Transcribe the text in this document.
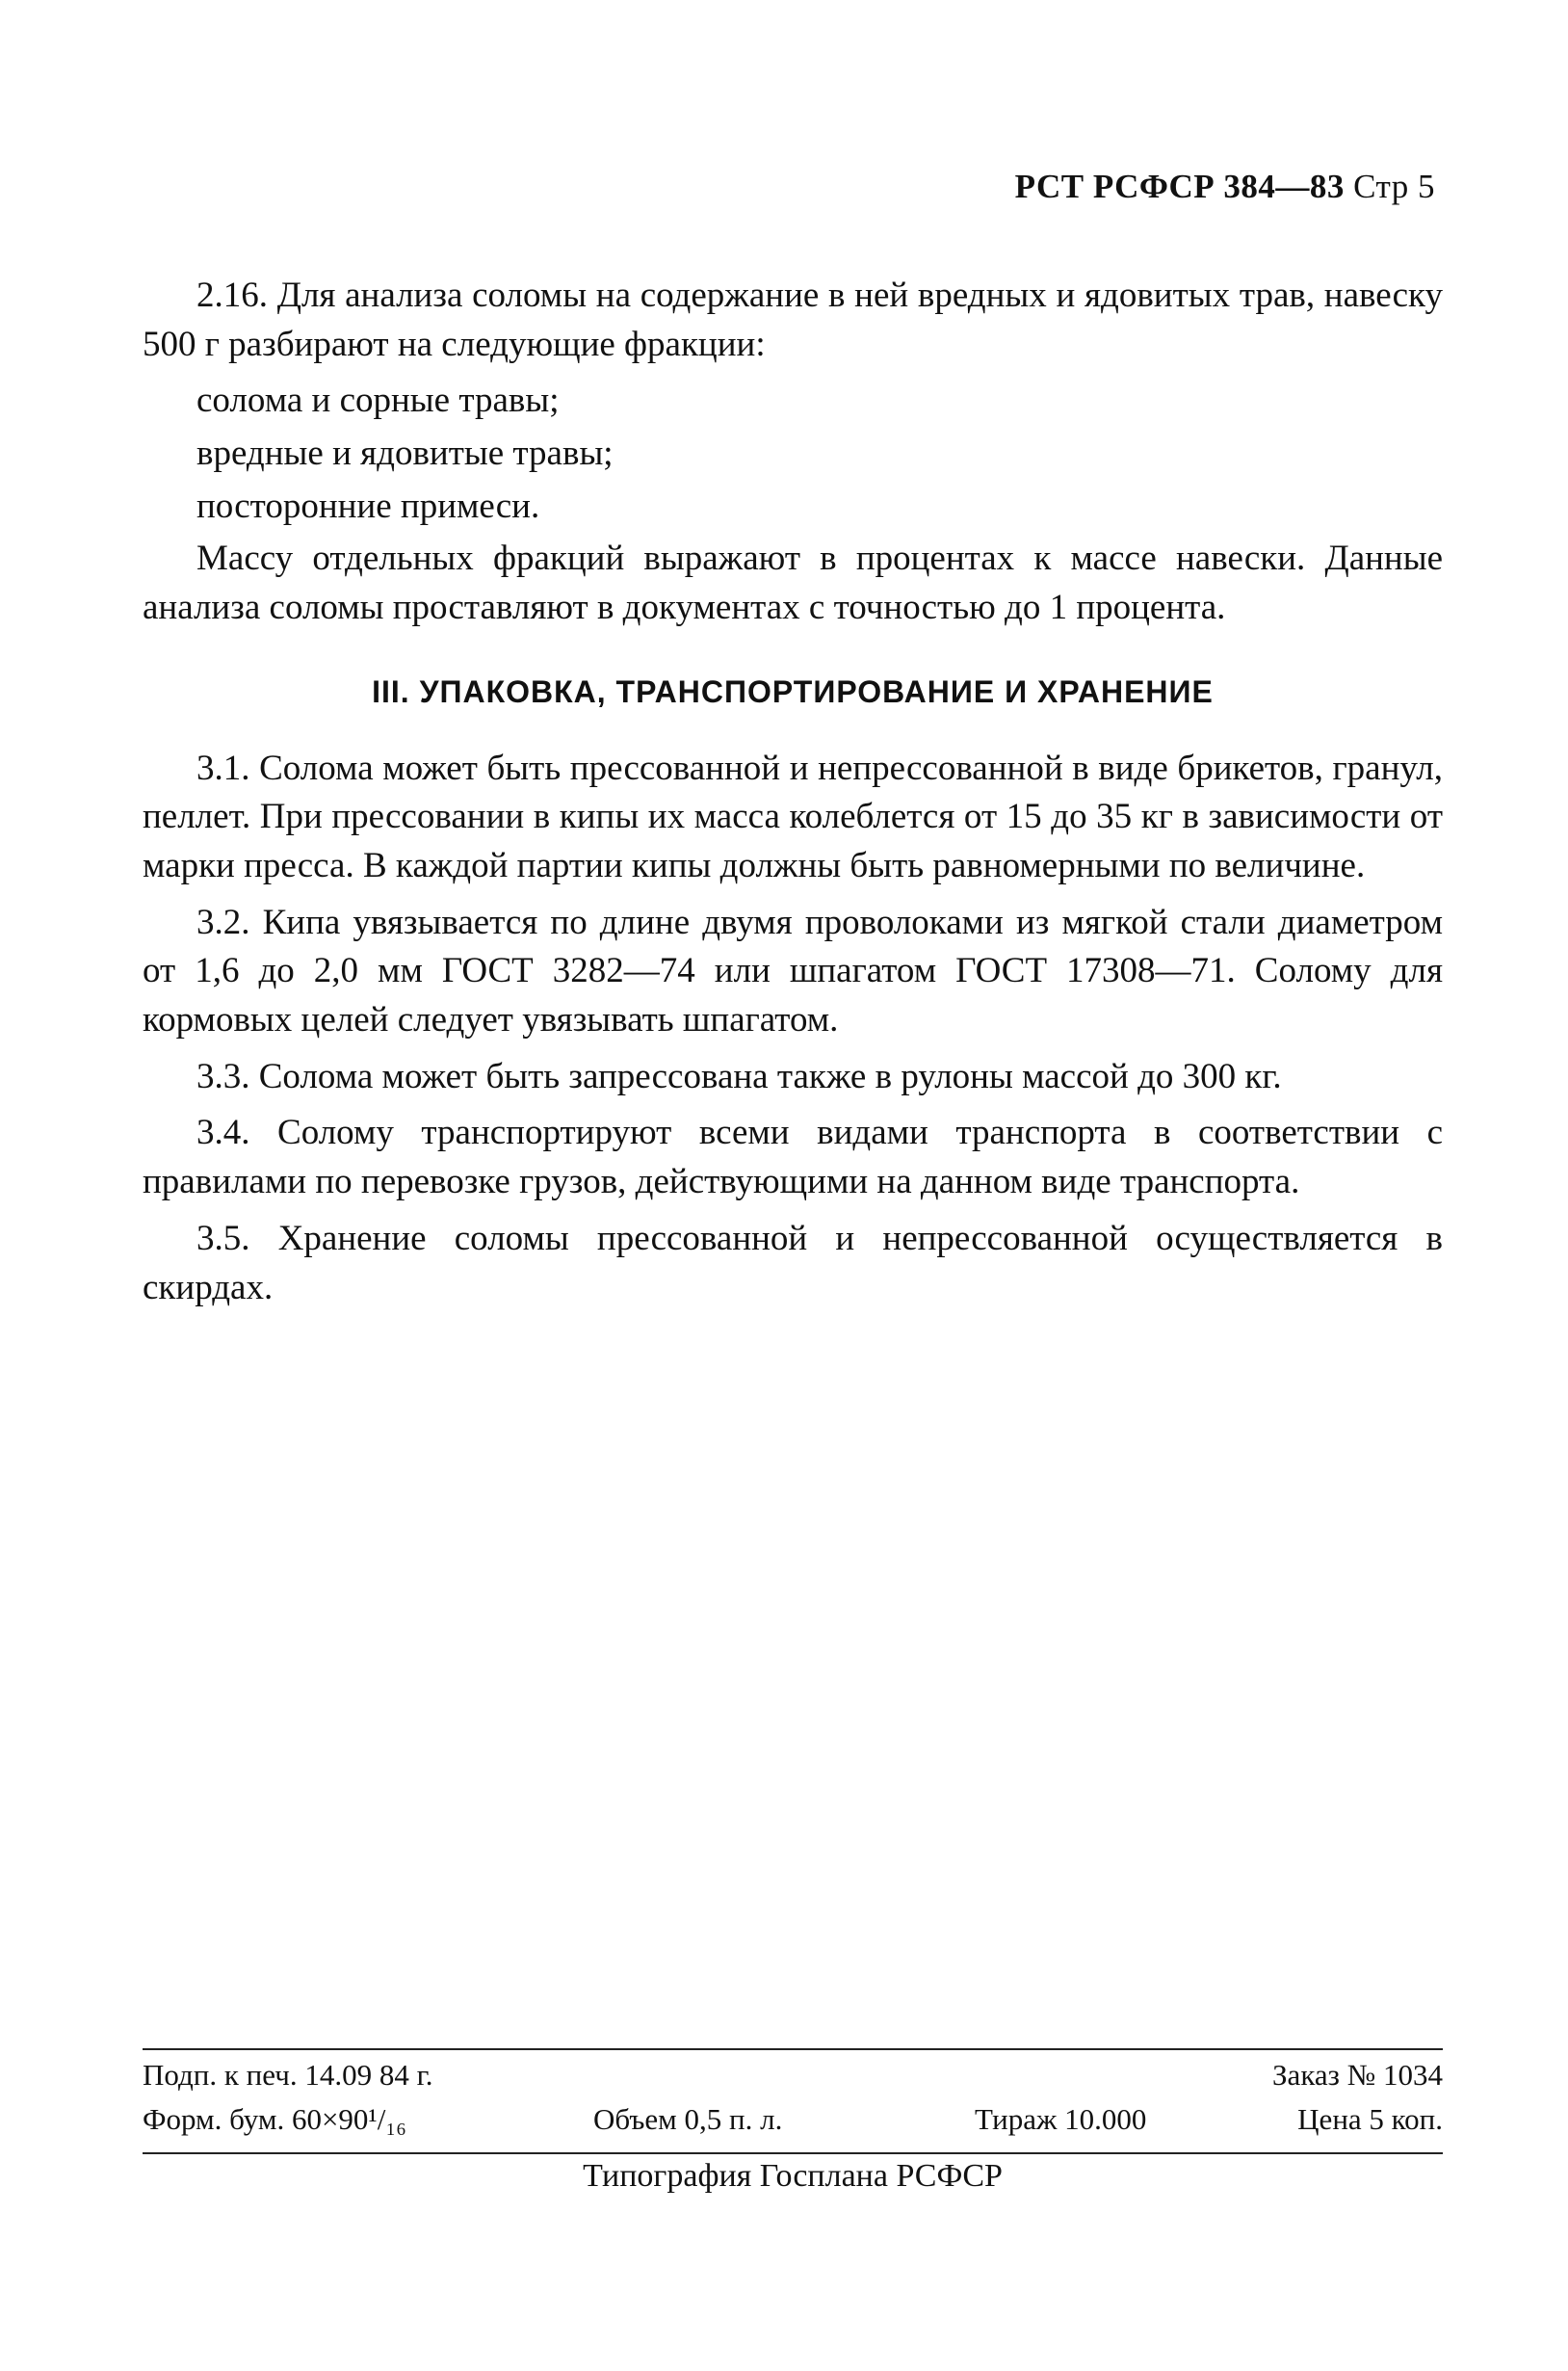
РСТ РСФСР 384—83 Стр 5

2.16. Для анализа соломы на содержание в ней вредных и ядовитых трав, навеску 500 г разбирают на следующие фракции:

солома и сорные травы;

вредные и ядовитые травы;

посторонние примеси.

Массу отдельных фракций выражают в процентах к массе навески. Данные анализа соломы проставляют в документах с точностью до 1 процента.

III. УПАКОВКА, ТРАНСПОРТИРОВАНИЕ И ХРАНЕНИЕ

3.1. Солома может быть прессованной и непрессованной в виде брикетов, гранул, пеллет. При прессовании в кипы их масса колеблется от 15 до 35 кг в зависимости от марки пресса. В каждой партии кипы должны быть равномерными по величине.

3.2. Кипа увязывается по длине двумя проволоками из мягкой стали диаметром от 1,6 до 2,0 мм ГОСТ 3282—74 или шпагатом ГОСТ 17308—71. Солому для кормовых целей следует увязывать шпагатом.

3.3. Солома может быть запрессована также в рулоны массой до 300 кг.

3.4. Солому транспортируют всеми видами транспорта в соответствии с правилами по перевозке грузов, действующими на данном виде транспорта.

3.5. Хранение соломы прессованной и непрессованной осуществляется в скирдах.

Подп. к печ. 14.09 84 г.	Заказ № 1034
Форм. бум. 60×90¹/₁₆	Объем 0,5 п. л.	Тираж 10.000	Цена 5 коп.
Типография Госплана РСФСР
